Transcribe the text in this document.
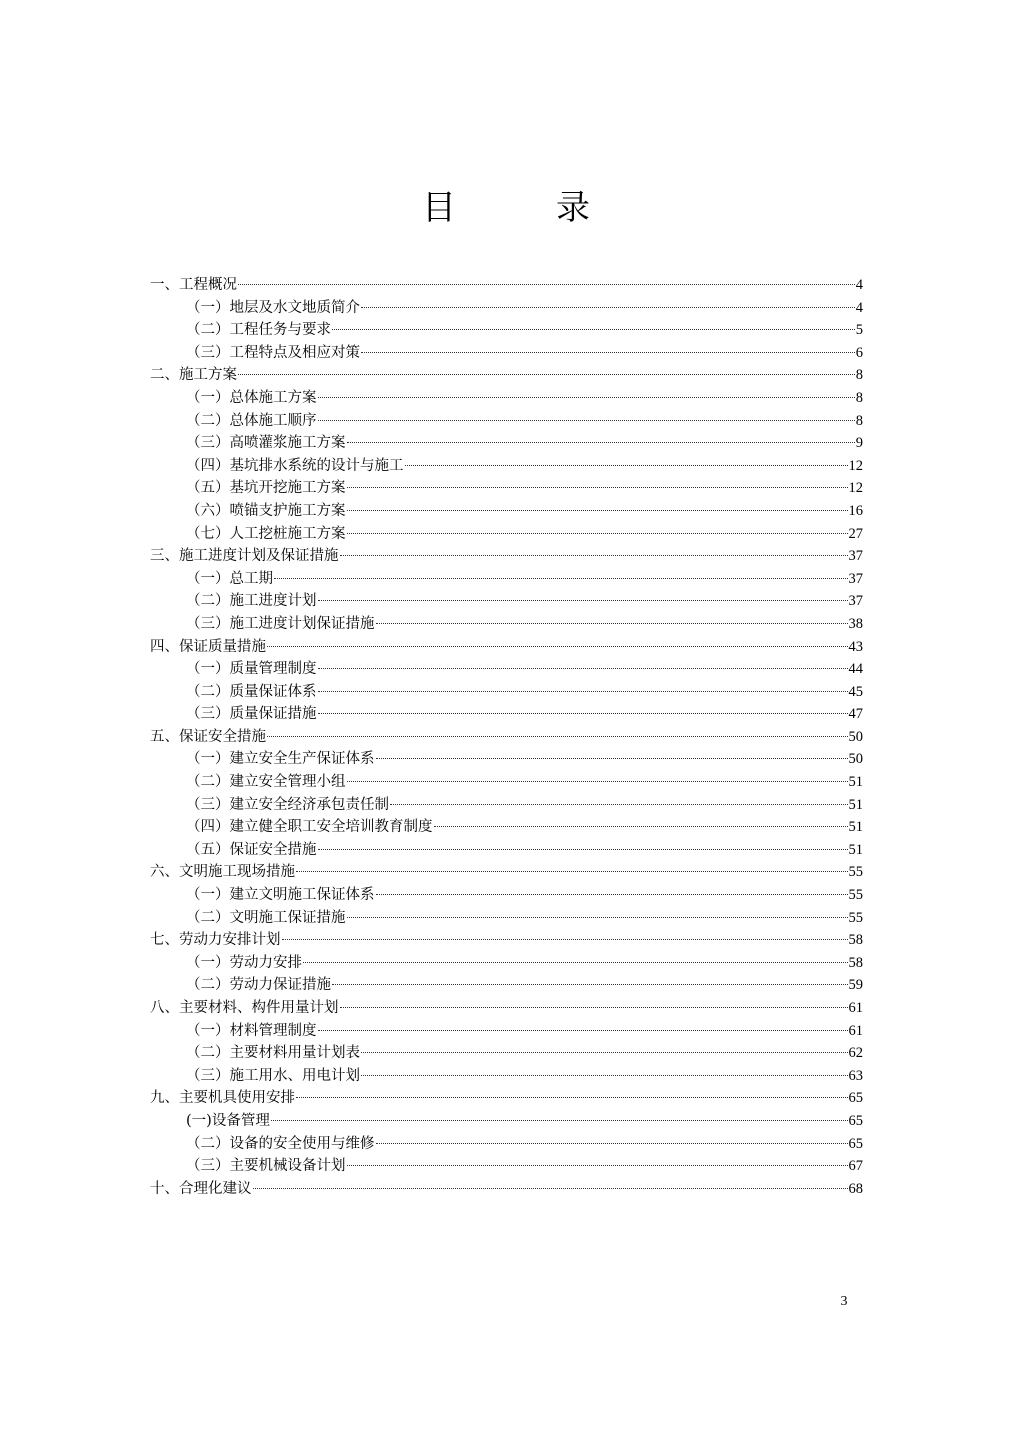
目	录
一、工程概况	4
（一）地层及水文地质简介	4
（二）工程任务与要求	5
（三）工程特点及相应对策	6
二、施工方案	8
（一）总体施工方案	8
（二）总体施工顺序	8
（三）高喷灌浆施工方案	9
（四）基坑排水系统的设计与施工	12
（五）基坑开挖施工方案	12
（六）喷锚支护施工方案	16
（七）人工挖桩施工方案	27
三、施工进度计划及保证措施	37
（一）总工期	37
（二）施工进度计划	37
（三）施工进度计划保证措施	38
四、保证质量措施	43
（一）质量管理制度	44
（二）质量保证体系	45
（三）质量保证措施	47
五、保证安全措施	50
（一）建立安全生产保证体系	50
（二）建立安全管理小组	51
（三）建立安全经济承包责任制	51
（四）建立健全职工安全培训教育制度	51
（五）保证安全措施	51
六、文明施工现场措施	55
（一）建立文明施工保证体系	55
（二）文明施工保证措施	55
七、劳动力安排计划	58
（一）劳动力安排	58
（二）劳动力保证措施	59
八、主要材料、构件用量计划	61
（一）材料管理制度	61
（二）主要材料用量计划表	62
（三）施工用水、用电计划	63
九、主要机具使用安排	65
(一)设备管理	65
（二）设备的安全使用与维修	65
（三）主要机械设备计划	67
十、合理化建议	68
3
